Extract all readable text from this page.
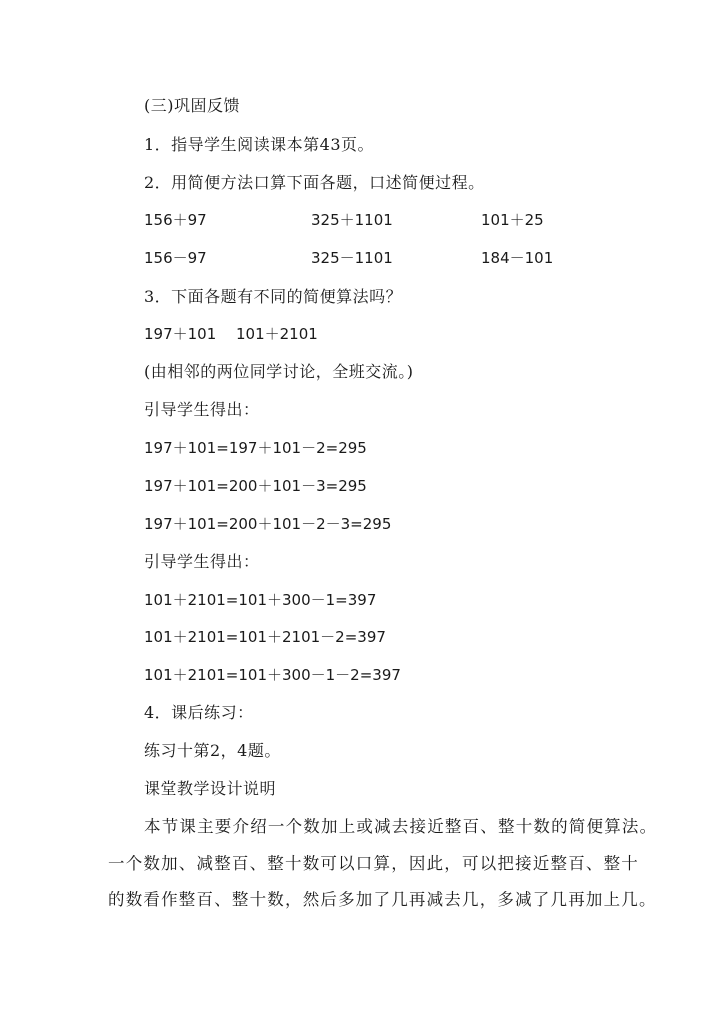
(三)巩固反馈
1．指导学生阅读课本第43页。
2．用简便方法口算下面各题，口述简便过程。
156＋97	325＋1101	101＋25
156－97	325－1101	184－101
3．下面各题有不同的简便算法吗？
197＋101 101＋2101
(由相邻的两位同学讨论，全班交流。)
引导学生得出：
197＋101=197＋101－2=295
197＋101=200＋101－3=295
197＋101=200＋101－2－3=295
引导学生得出：
101＋2101=101＋300－1=397
101＋2101=101＋2101－2=397
101＋2101=101＋300－1－2=397
4．课后练习：
练习十第2，4题。
课堂教学设计说明
本节课主要介绍一个数加上或减去接近整百、整十数的简便算法。
一个数加、减整百、整十数可以口算，因此，可以把接近整百、整十
的数看作整百、整十数，然后多加了几再减去几，多减了几再加上几。
